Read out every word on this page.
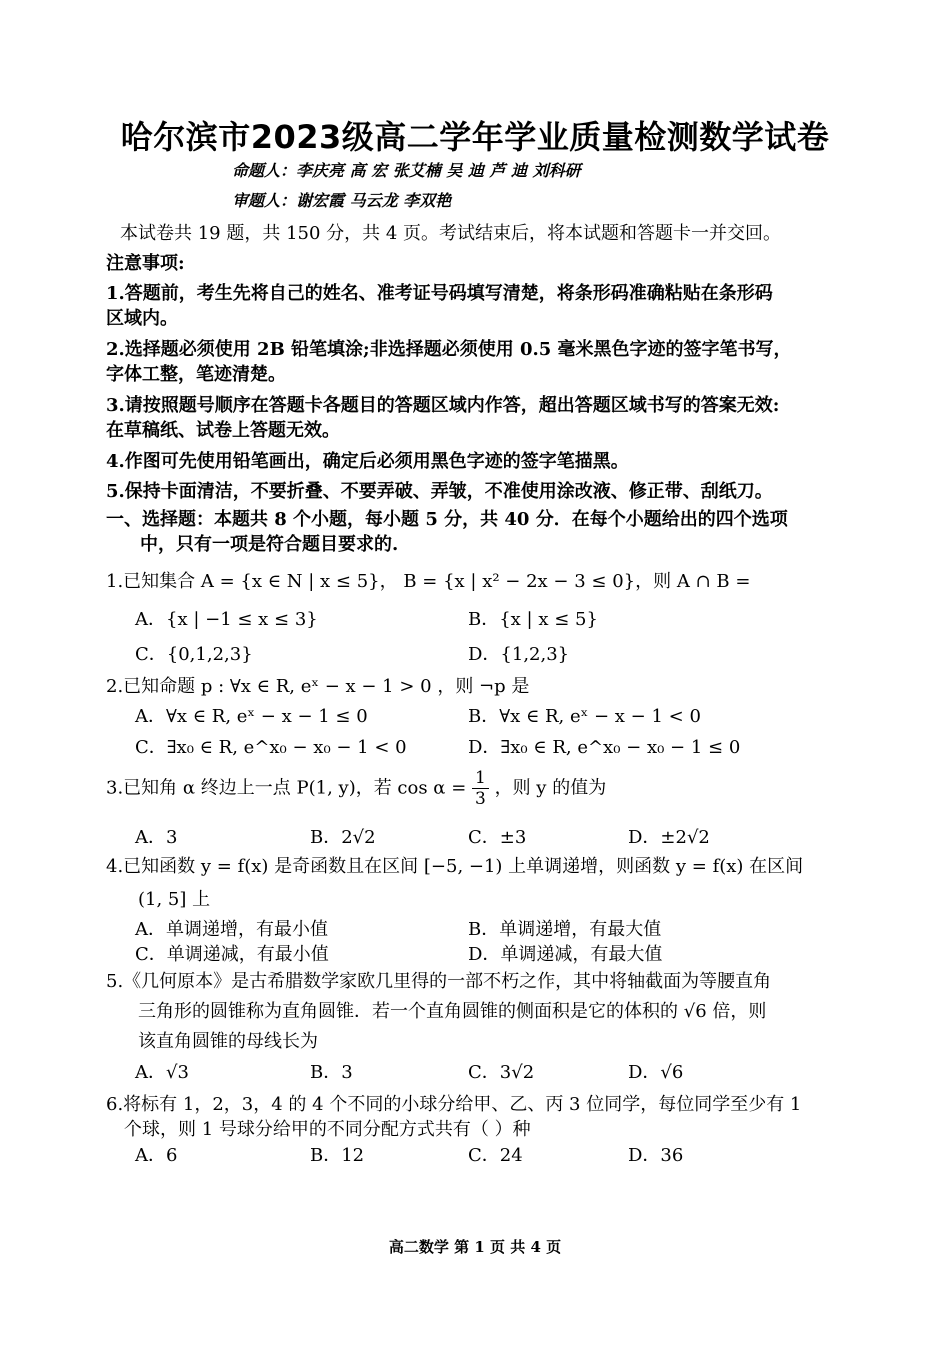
哈尔滨市2023级高二学年学业质量检测数学试卷
命题人：李庆亮 高 宏 张艾楠 吴 迪 芦 迪 刘科研
审题人：谢宏霞 马云龙 李双艳
本试卷共 19 题，共 150 分，共 4 页。考试结束后，将本试题和答题卡一并交回。
注意事项:
1.答题前，考生先将自己的姓名、准考证号码填写清楚，将条形码准确粘贴在条形码
区域内。
2.选择题必须使用 2B 铅笔填涂;非选择题必须使用 0.5 毫米黑色字迹的签字笔书写，
字体工整，笔迹清楚。
3.请按照题号顺序在答题卡各题目的答题区域内作答，超出答题区域书写的答案无效:
在草稿纸、试卷上答题无效。
4.作图可先使用铅笔画出，确定后必须用黑色字迹的签字笔描黑。
5.保持卡面清洁，不要折叠、不要弄破、弄皱，不准使用涂改液、修正带、刮纸刀。
一、选择题：本题共 8 个小题，每小题 5 分，共 40 分．在每个小题给出的四个选项
中，只有一项是符合题目要求的.
1.已知集合 A = {x ∈ N | x ≤ 5}， B = {x | x² − 2x − 3 ≤ 0}，则 A ∩ B =
A．{x | −1 ≤ x ≤ 3}	B．{x | x ≤ 5}
C．{0,1,2,3}	D．{1,2,3}
2.已知命题 p : ∀x ∈ R, eˣ − x − 1 > 0 ，则 ¬p 是
A．∀x ∈ R, eˣ − x − 1 ≤ 0	B．∀x ∈ R, eˣ − x − 1 < 0
C．∃x₀ ∈ R, e^x₀ − x₀ − 1 < 0	D．∃x₀ ∈ R, e^x₀ − x₀ − 1 ≤ 0
3.已知角 α 终边上一点 P(1, y)，若 $\cos \alpha = \frac{1}{3}$ ，则 y 的值为
A．3	B．2√2	C．±3	D．±2√2
4.已知函数 y = f(x) 是奇函数且在区间 [−5, −1) 上单调递增，则函数 y = f(x) 在区间
(1, 5] 上
A．单调递增，有最小值	B．单调递增，有最大值
C．单调递减，有最小值	D．单调递减，有最大值
5.《几何原本》是古希腊数学家欧几里得的一部不朽之作，其中将轴截面为等腰直角
三角形的圆锥称为直角圆锥．若一个直角圆锥的侧面积是它的体积的 √6 倍，则
该直角圆锥的母线长为
A．√3	B．3	C．3√2	D．√6
6.将标有 1，2，3，4 的 4 个不同的小球分给甲、乙、丙 3 位同学，每位同学至少有 1
个球，则 1 号球分给甲的不同分配方式共有（ ）种
A．6	B．12	C．24	D．36
高二数学 第 1 页 共 4 页
